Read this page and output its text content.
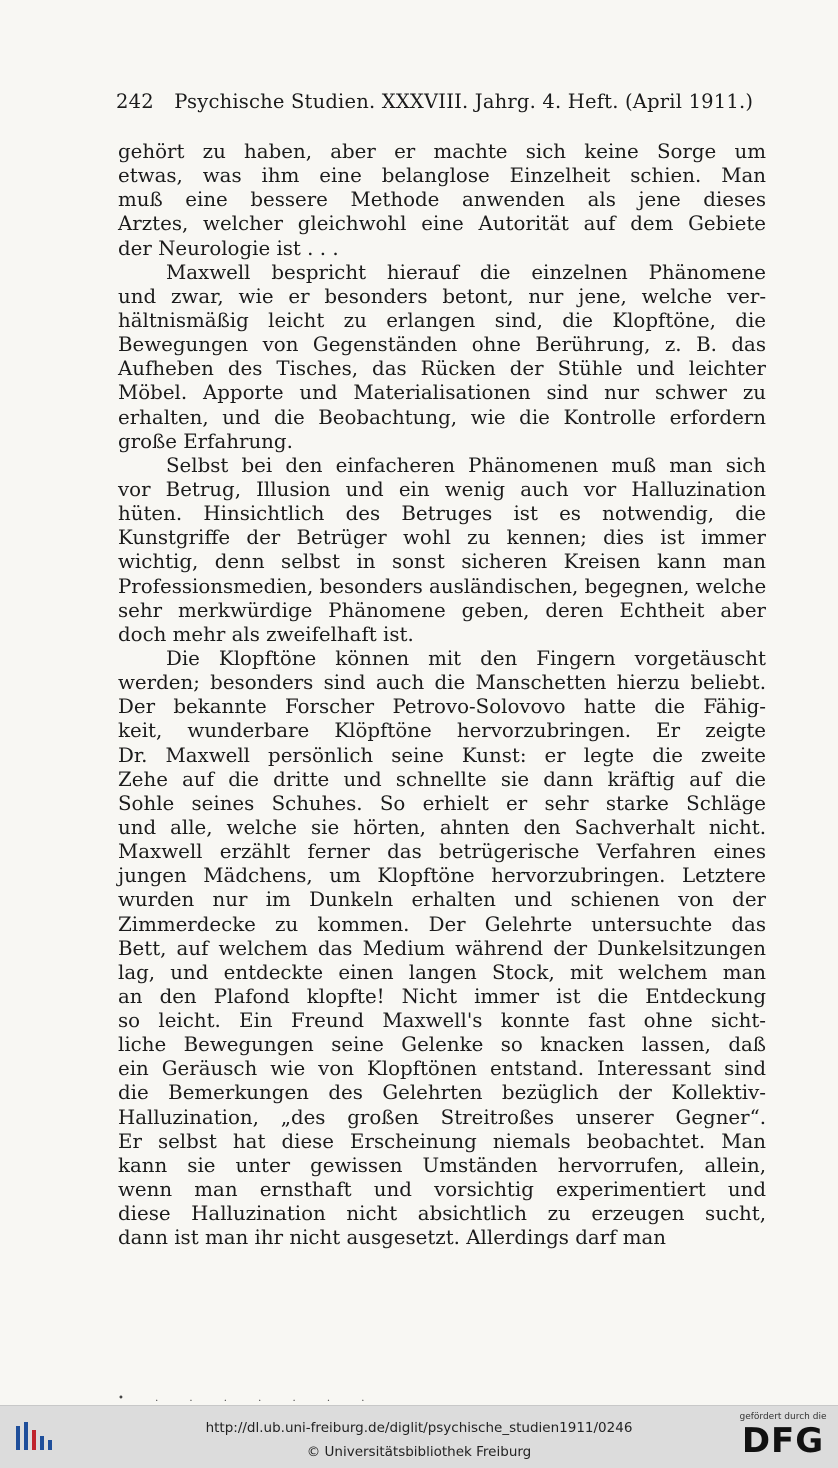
242 Psychische Studien. XXXVIII. Jahrg. 4. Heft. (April 1911.)
gehört zu haben, aber er machte sich keine Sorge um
etwas, was ihm eine belanglose Einzelheit schien. Man
muß eine bessere Methode anwenden als jene dieses
Arztes, welcher gleichwohl eine Autorität auf dem Gebiete
der Neurologie ist . . .
Maxwell bespricht hierauf die einzelnen Phänomene
und zwar, wie er besonders betont, nur jene, welche ver-
hältnismäßig leicht zu erlangen sind, die Klopftöne, die
Bewegungen von Gegenständen ohne Berührung, z. B. das
Aufheben des Tisches, das Rücken der Stühle und leichter
Möbel. Apporte und Materialisationen sind nur schwer zu
erhalten, und die Beobachtung, wie die Kontrolle erfordern
große Erfahrung.
Selbst bei den einfacheren Phänomenen muß man sich
vor Betrug, Illusion und ein wenig auch vor Halluzination
hüten. Hinsichtlich des Betruges ist es notwendig, die
Kunstgriffe der Betrüger wohl zu kennen; dies ist immer
wichtig, denn selbst in sonst sicheren Kreisen kann man
Professionsmedien, besonders ausländischen, begegnen, welche
sehr merkwürdige Phänomene geben, deren Echtheit aber
doch mehr als zweifelhaft ist.
Die Klopftöne können mit den Fingern vorgetäuscht
werden; besonders sind auch die Manschetten hierzu beliebt.
Der bekannte Forscher Petrovo-Solovovo hatte die Fähig-
keit, wunderbare Klöpftöne hervorzubringen. Er zeigte
Dr. Maxwell persönlich seine Kunst: er legte die zweite
Zehe auf die dritte und schnellte sie dann kräftig auf die
Sohle seines Schuhes. So erhielt er sehr starke Schläge
und alle, welche sie hörten, ahnten den Sachverhalt nicht.
Maxwell erzählt ferner das betrügerische Verfahren eines
jungen Mädchens, um Klopftöne hervorzubringen. Letztere
wurden nur im Dunkeln erhalten und schienen von der
Zimmerdecke zu kommen. Der Gelehrte untersuchte das
Bett, auf welchem das Medium während der Dunkelsitzungen
lag, und entdeckte einen langen Stock, mit welchem man
an den Plafond klopfte! Nicht immer ist die Entdeckung
so leicht. Ein Freund Maxwell's konnte fast ohne sicht-
liche Bewegungen seine Gelenke so knacken lassen, daß
ein Geräusch wie von Klopftönen entstand. Interessant sind
die Bemerkungen des Gelehrten bezüglich der Kollektiv-
Halluzination, „des großen Streitroßes unserer Gegner“.
Er selbst hat diese Erscheinung niemals beobachtet. Man
kann sie unter gewissen Umständen hervorrufen, allein,
wenn man ernsthaft und vorsichtig experimentiert und
diese Halluzination nicht absichtlich zu erzeugen sucht,
dann ist man ihr nicht ausgesetzt. Allerdings darf man
• . . . . . . .
http://dl.ub.uni-freiburg.de/diglit/psychische_studien1911/0246
© Universitätsbibliothek Freiburg
gefördert durch die
DFG
